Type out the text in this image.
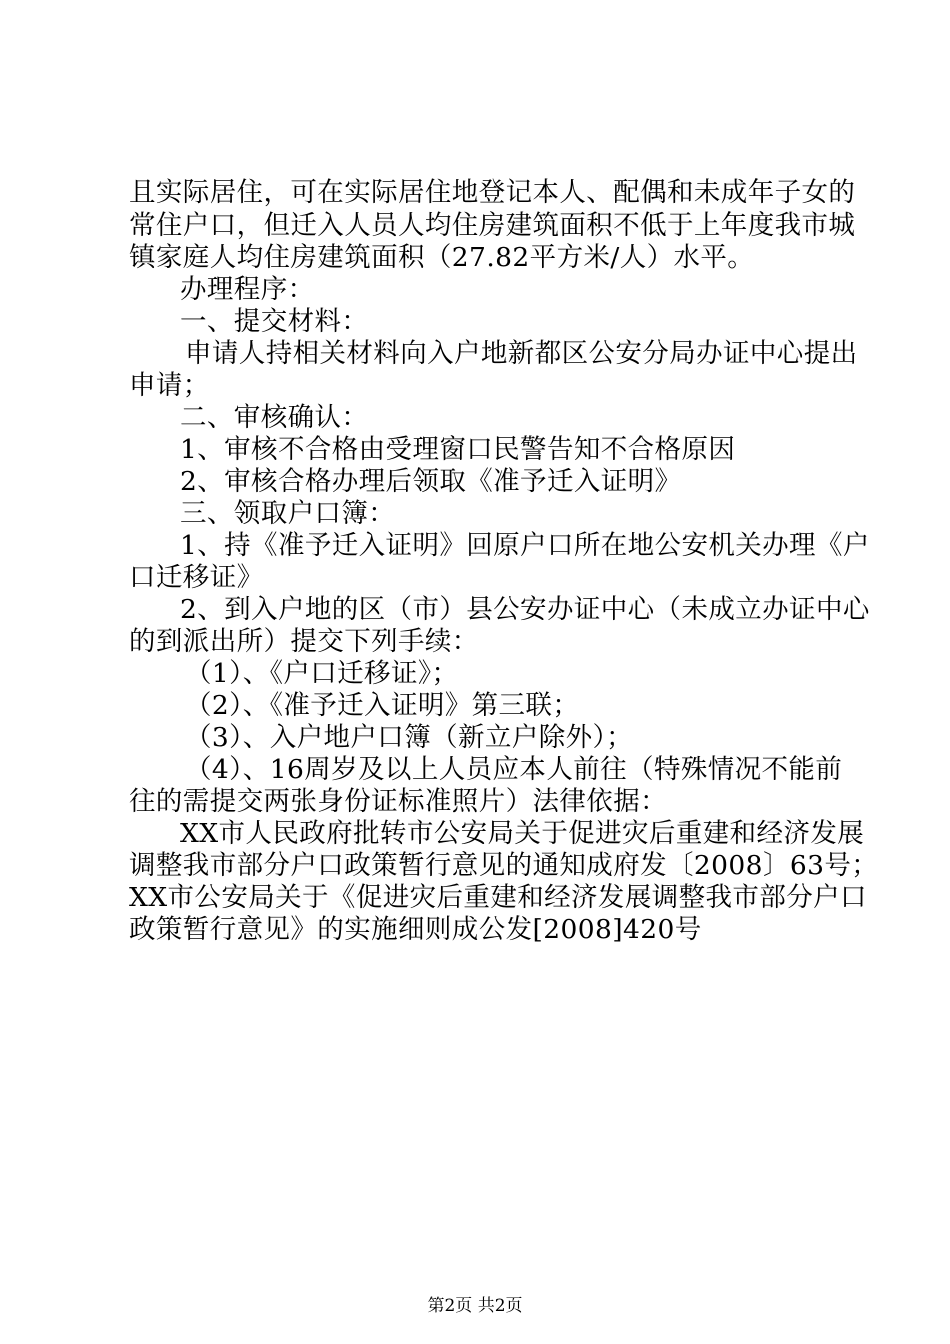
且实际居住，可在实际居住地登记本人、配偶和未成年子女的
常住户口，但迁入人员人均住房建筑面积不低于上年度我市城
镇家庭人均住房建筑面积（27.82平方米/人）水平。
办理程序：
一、提交材料：
申请人持相关材料向入户地新都区公安分局办证中心提出
申请；
二、审核确认：
1、审核不合格由受理窗口民警告知不合格原因
2、审核合格办理后领取《准予迁入证明》
三、领取户口簿：
1、持《准予迁入证明》回原户口所在地公安机关办理《户
口迁移证》
2、到入户地的区（市）县公安办证中心（未成立办证中心
的到派出所）提交下列手续：
（1）、《户口迁移证》；
（2）、《准予迁入证明》第三联；
（3）、入户地户口簿（新立户除外）；
（4）、16周岁及以上人员应本人前往（特殊情况不能前
往的需提交两张身份证标准照片）法律依据：
XX市人民政府批转市公安局关于促进灾后重建和经济发展
调整我市部分户口政策暂行意见的通知成府发〔2008〕63号；
XX市公安局关于《促进灾后重建和经济发展调整我市部分户口
政策暂行意见》的实施细则成公发[2008]420号
第2页 共2页
